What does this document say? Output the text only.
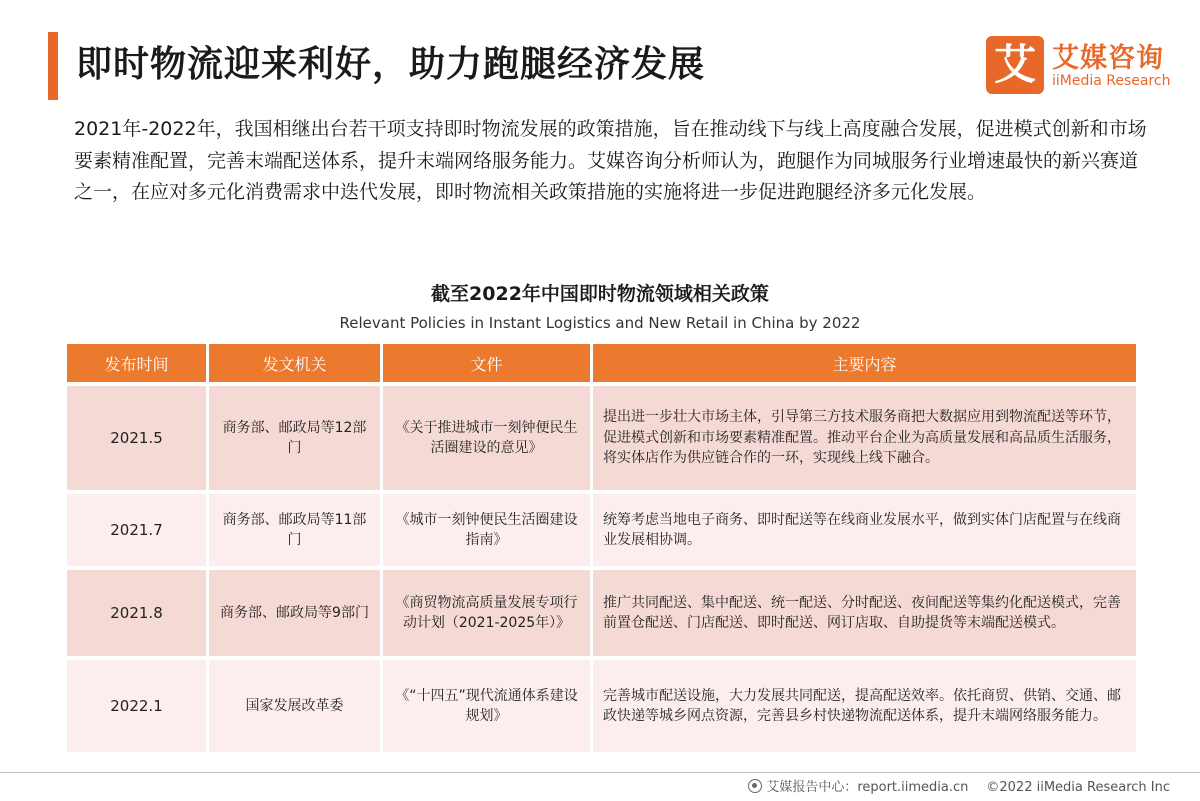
即时物流迎来利好，助力跑腿经济发展	艾 艾媒咨询
iiMedia Research

2021年-2022年，我国相继出台若干项支持即时物流发展的政策措施，旨在推动线下与线上高度融合发展，促进模式创新和市场要素精准配置，完善末端配送体系，提升末端网络服务能力。艾媒咨询分析师认为，跑腿作为同城服务行业增速最快的新兴赛道之一，在应对多元化消费需求中迭代发展，即时物流相关政策措施的实施将进一步促进跑腿经济多元化发展。

截至2022年中国即时物流领域相关政策
Relevant Policies in Instant Logistics and New Retail in China by 2022
发布时间	发文机关	文件	主要内容
2021.5	商务部、邮政局等12部门	《关于推进城市一刻钟便民生活圈建设的意见》	提出进一步壮大市场主体，引导第三方技术服务商把大数据应用到物流配送等环节，促进模式创新和市场要素精准配置。推动平台企业为高质量发展和高品质生活服务，将实体店作为供应链合作的一环，实现线上线下融合。
2021.7	商务部、邮政局等11部门	《城市一刻钟便民生活圈建设指南》	统筹考虑当地电子商务、即时配送等在线商业发展水平，做到实体门店配置与在线商业发展相协调。
2021.8	商务部、邮政局等9部门	《商贸物流高质量发展专项行动计划（2021-2025年）》	推广共同配送、集中配送、统一配送、分时配送、夜间配送等集约化配送模式，完善前置仓配送、门店配送、即时配送、网订店取、自助提货等末端配送模式。
2022.1	国家发展改革委	《“十四五”现代流通体系建设规划》	完善城市配送设施，大力发展共同配送，提高配送效率。依托商贸、供销、交通、邮政快递等城乡网点资源，完善县乡村快递物流配送体系，提升末端网络服务能力。
艾媒报告中心：report.iimedia.cn ©2022 iiMedia Research Inc
